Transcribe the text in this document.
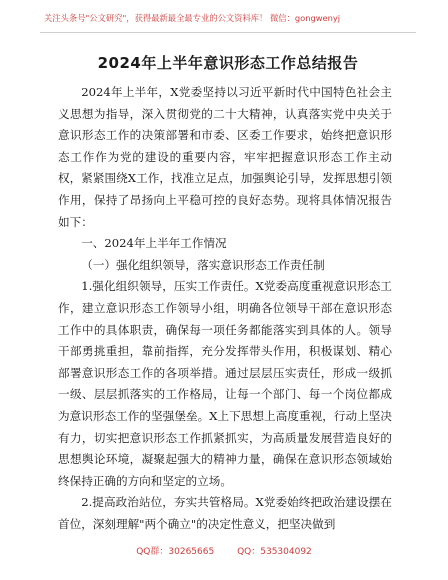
关注头条号"公文研究"，获得最新最全最专业的公文资料库！ 微信：gongwenyj
2024年上半年意识形态工作总结报告

2024年上半年，X党委坚持以习近平新时代中国特色社会主义思想为指导，深入贯彻党的二十大精神，认真落实党中央关于意识形态工作的决策部署和市委、区委工作要求，始终把意识形态工作作为党的建设的重要内容，牢牢把握意识形态工作主动权，紧紧围绕X工作，找准立足点，加强舆论引导，发挥思想引领作用，保持了昂扬向上平稳可控的良好态势。现将具体情况报告如下：

一、2024年上半年工作情况

（一）强化组织领导，落实意识形态工作责任制

1.强化组织领导，压实工作责任。X党委高度重视意识形态工作，建立意识形态工作领导小组，明确各位领导干部在意识形态工作中的具体职责，确保每一项任务都能落实到具体的人。领导干部勇挑重担，靠前指挥，充分发挥带头作用，积极谋划、精心部署意识形态工作的各项举措。通过层层压实责任，形成一级抓一级、层层抓落实的工作格局，让每一个部门、每一个岗位都成为意识形态工作的坚强堡垒。X上下思想上高度重视，行动上坚决有力，切实把意识形态工作抓紧抓实，为高质量发展营造良好的思想舆论环境，凝聚起强大的精神力量，确保在意识形态领域始终保持正确的方向和坚定的立场。

2.提高政治站位，夯实共管格局。X党委始终把政治建设摆在首位，深刻理解"两个确立"的决定性意义，把坚决做到

QQ群：30265665	QQ：535304092
